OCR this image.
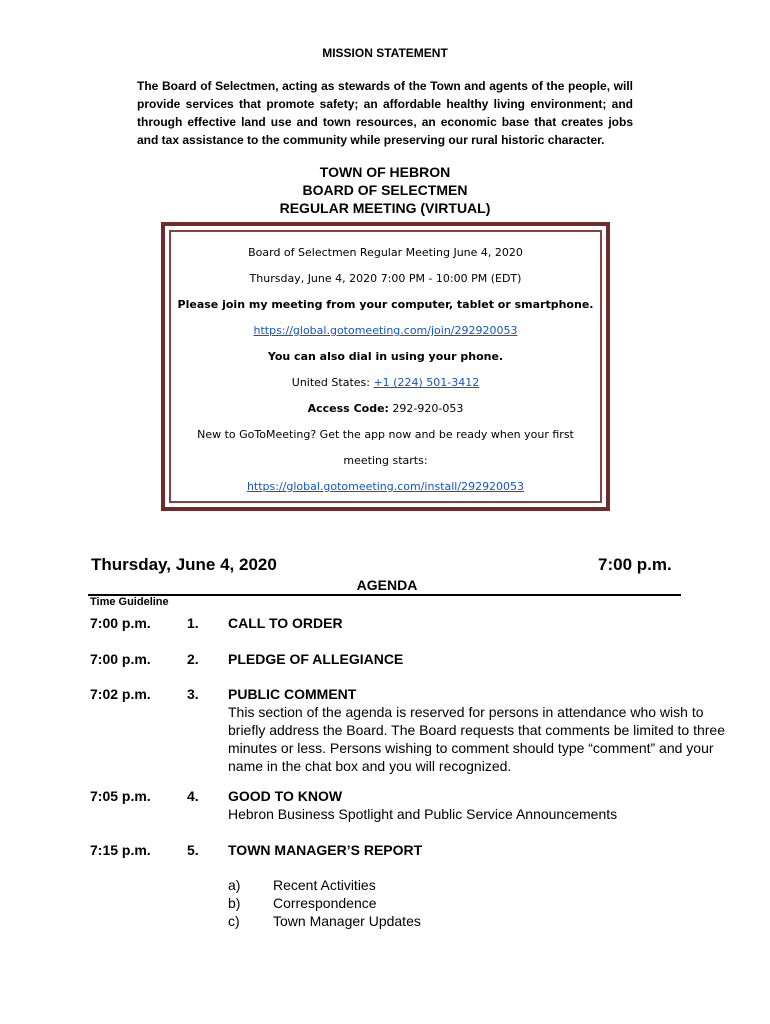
MISSION STATEMENT
The Board of Selectmen, acting as stewards of the Town and agents of the people, will provide services that promote safety; an affordable healthy living environment; and through effective land use and town resources, an economic base that creates jobs and tax assistance to the community while preserving our rural historic character.
TOWN OF HEBRON
BOARD OF SELECTMEN
REGULAR MEETING (VIRTUAL)
Board of Selectmen Regular Meeting June 4, 2020
Thursday, June 4, 2020 7:00 PM - 10:00 PM (EDT)
Please join my meeting from your computer, tablet or smartphone.
https://global.gotomeeting.com/join/292920053
You can also dial in using your phone.
United States: +1 (224) 501-3412
Access Code: 292-920-053
New to GoToMeeting? Get the app now and be ready when your first
meeting starts:
https://global.gotomeeting.com/install/292920053
Thursday, June 4, 2020	7:00 p.m.
AGENDA
Time Guideline
7:00 p.m.	1. CALL TO ORDER
7:00 p.m.	2. PLEDGE OF ALLEGIANCE
7:02 p.m.	3. PUBLIC COMMENT
This section of the agenda is reserved for persons in attendance who wish to briefly address the Board. The Board requests that comments be limited to three minutes or less. Persons wishing to comment should type “comment” and your name in the chat box and you will recognized.
7:05 p.m.	4. GOOD TO KNOW
Hebron Business Spotlight and Public Service Announcements
7:15 p.m.	5. TOWN MANAGER’S REPORT
a) Recent Activities
b) Correspondence
c) Town Manager Updates
